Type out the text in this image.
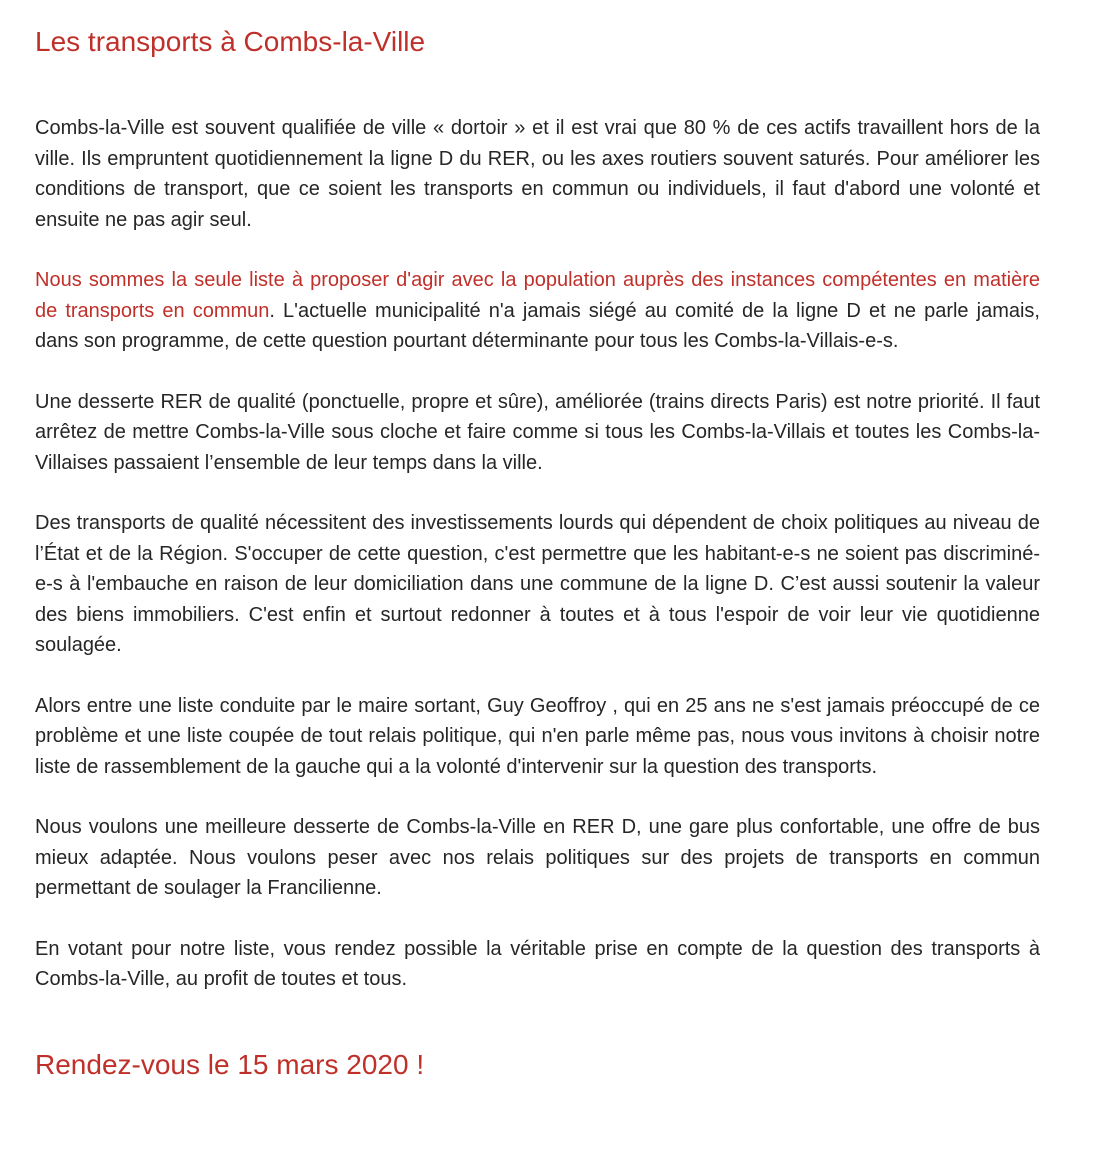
Les transports à Combs-la-Ville

Combs-la-Ville est souvent qualifiée de ville « dortoir » et il est vrai que 80 % de ces actifs travaillent hors de la ville. Ils empruntent quotidiennement la ligne D du RER, ou les axes routiers souvent saturés. Pour améliorer les conditions de transport, que ce soient les transports en commun ou individuels, il faut d'abord une volonté et ensuite ne pas agir seul.

Nous sommes la seule liste à proposer d'agir avec la population auprès des instances compétentes en matière de transports en commun. L'actuelle municipalité n'a jamais siégé au comité de la ligne D et ne parle jamais, dans son programme, de cette question pourtant déterminante pour tous les Combs-la-Villais-e-s.

Une desserte RER de qualité (ponctuelle, propre et sûre), améliorée (trains directs Paris) est notre priorité. Il faut arrêtez de mettre Combs-la-Ville sous cloche et faire comme si tous les Combs-la-Villais et toutes les Combs-la-Villaises passaient l’ensemble de leur temps dans la ville.

Des transports de qualité nécessitent des investissements lourds qui dépendent de choix politiques au niveau de l’État et de la Région. S'occuper de cette question, c'est permettre que les habitant-e-s ne soient pas discriminé-e-s à l'embauche en raison de leur domiciliation dans une commune de la ligne D. C’est aussi soutenir la valeur des biens immobiliers. C'est enfin et surtout redonner à toutes et à tous l'espoir de voir leur vie quotidienne soulagée.

Alors entre une liste conduite par le maire sortant, Guy Geoffroy , qui en 25 ans ne s'est jamais préoccupé de ce problème et une liste coupée de tout relais politique, qui n'en parle même pas, nous vous invitons à choisir notre liste de rassemblement de la gauche qui a la volonté d'intervenir sur la question des transports.

Nous voulons une meilleure desserte de Combs-la-Ville en RER D, une gare plus confortable, une offre de bus mieux adaptée. Nous voulons peser avec nos relais politiques sur des projets de transports en commun permettant de soulager la Francilienne.

En votant pour notre liste, vous rendez possible la véritable prise en compte de la question des transports à Combs-la-Ville, au profit de toutes et tous.

Rendez-vous le 15 mars 2020 !
